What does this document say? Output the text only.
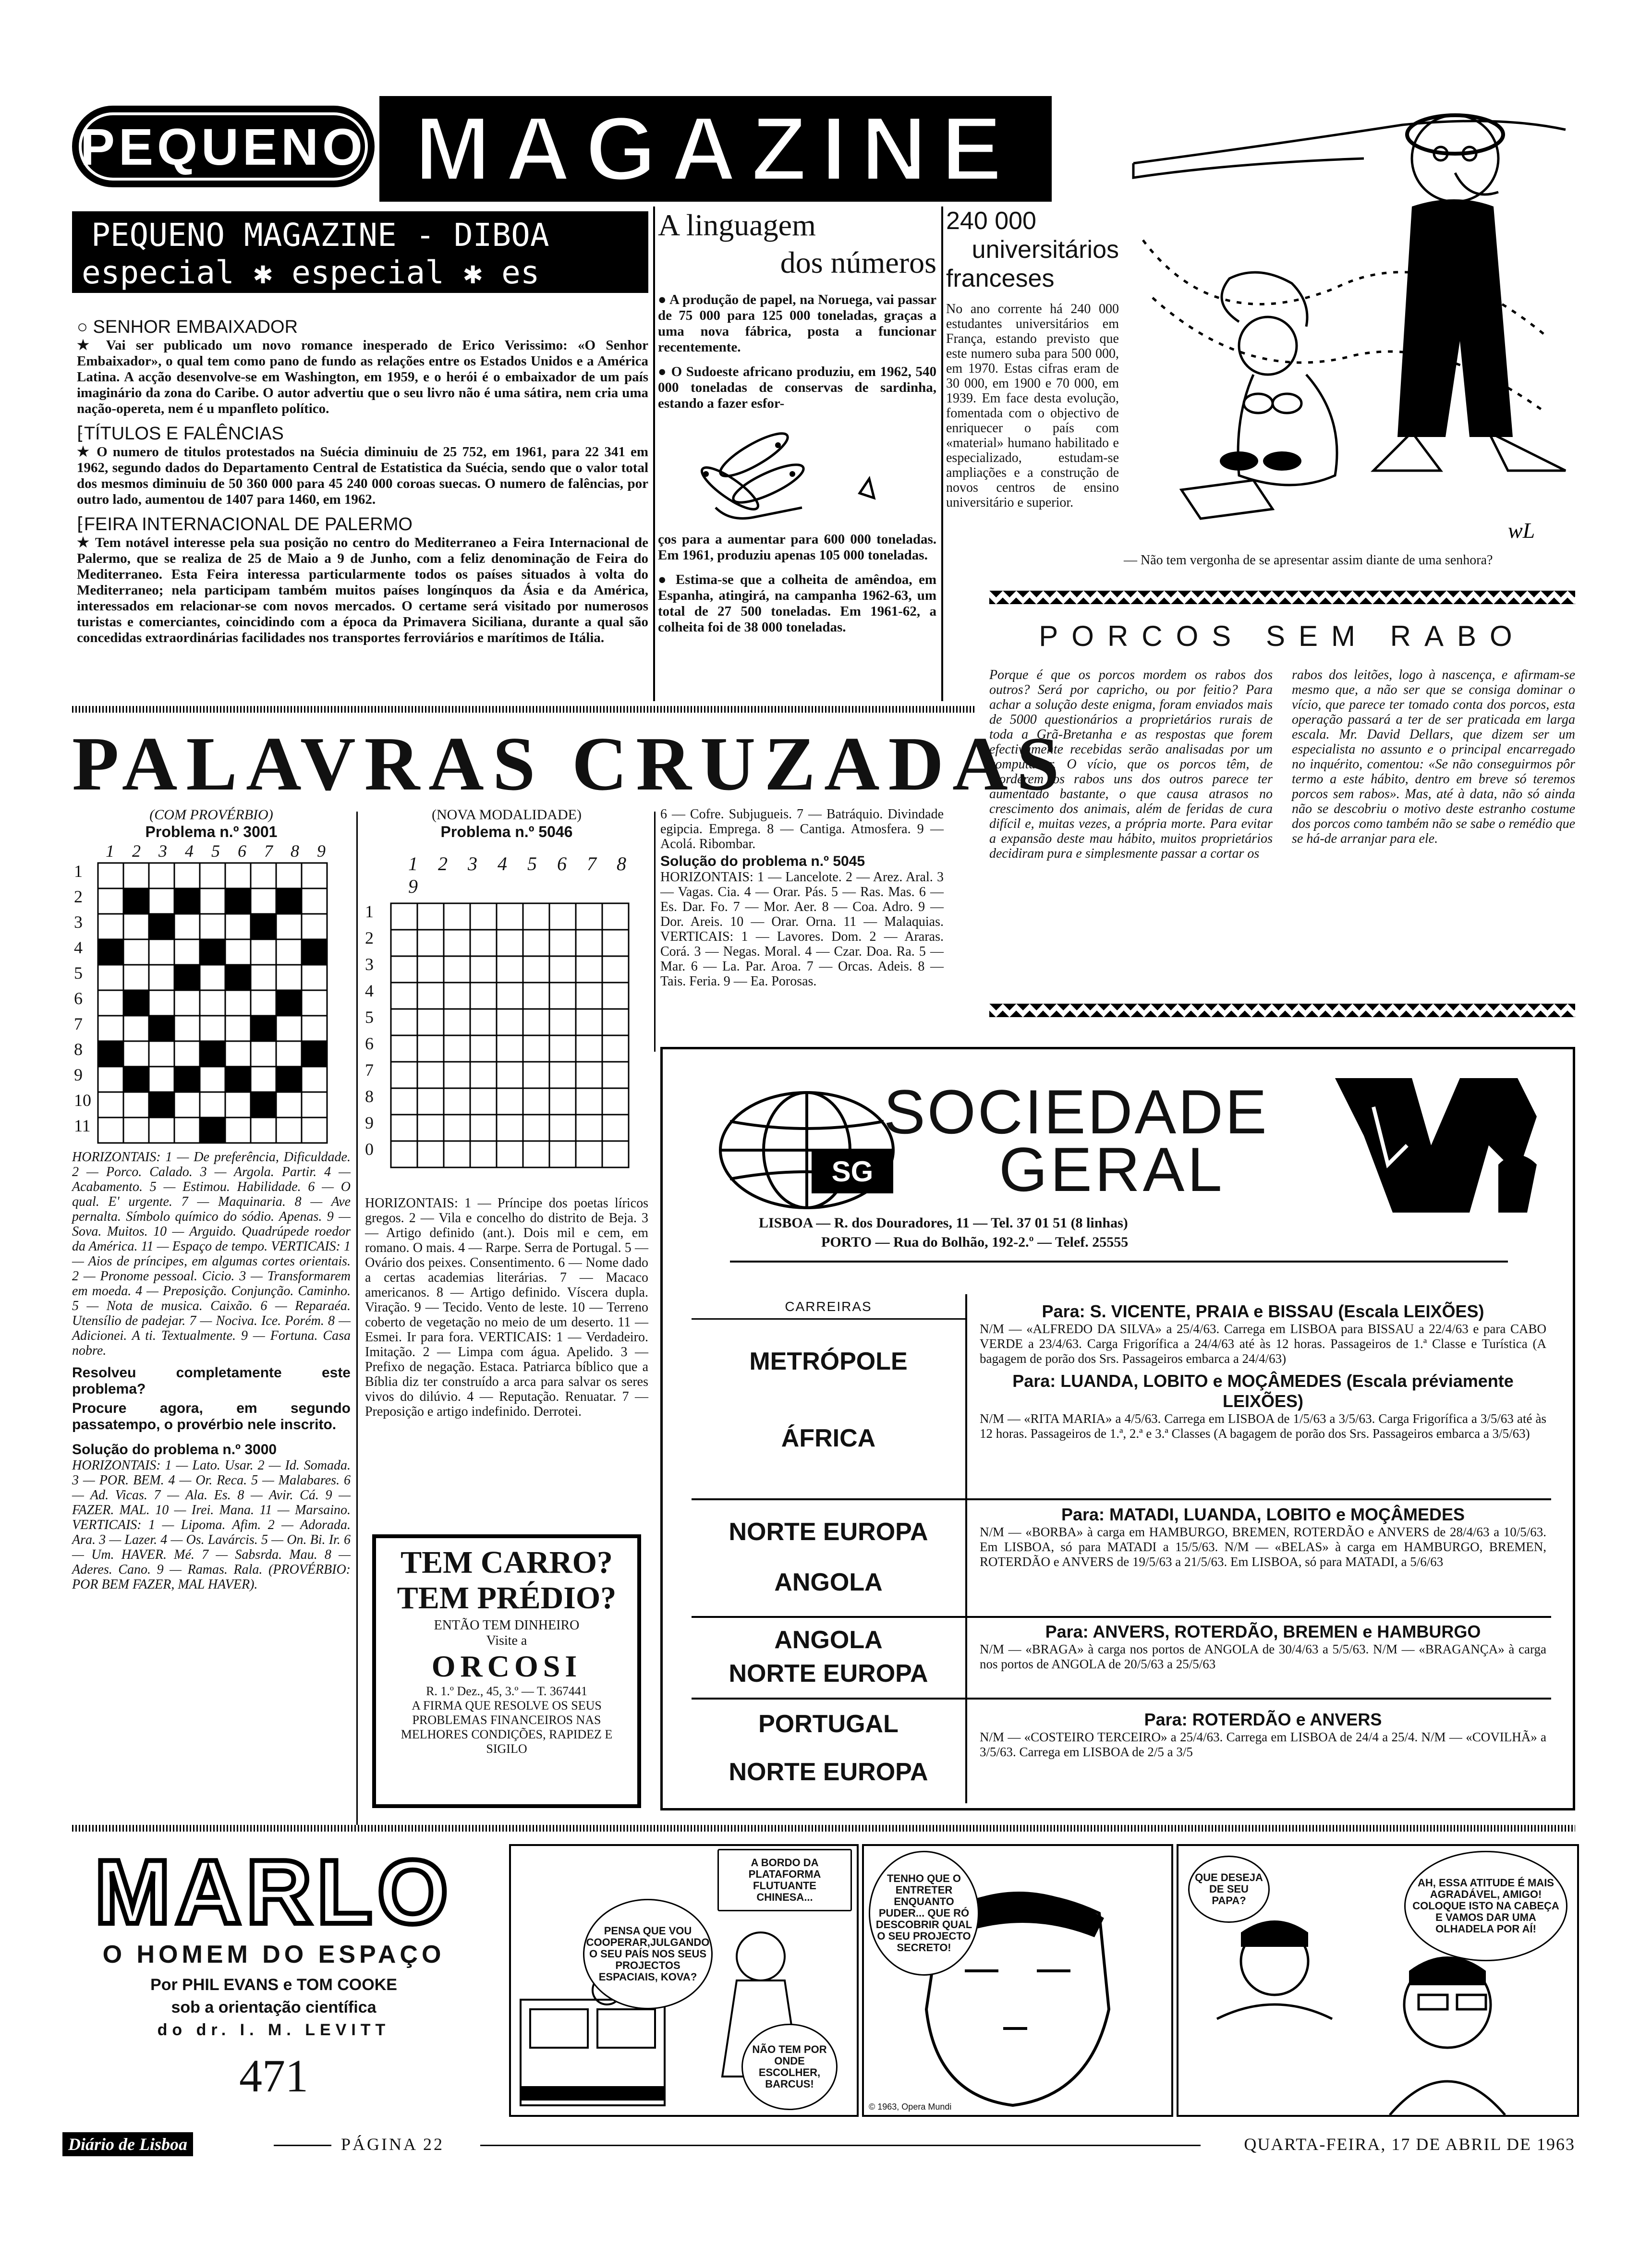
PEQUENO MAGAZINE
PEQUENO MAGAZINE - DIBOA
especial ✱ especial ✱ es
○ SENHOR EMBAIXADOR

★ Vai ser publicado um novo romance inesperado de Erico Verissimo: «O Senhor Embaixador», o qual tem como pano de fundo as relações entre os Estados Unidos e a América Latina. A acção desenvolve-se em Washington, em 1959, e o herói é o embaixador de um país imaginário da zona do Caribe. O autor advertiu que o seu livro não é uma sátira, nem cria uma nação-opereta, nem é u mpanfleto político.

⁅TÍTULOS E FALÊNCIAS

★ O numero de titulos protestados na Suécia diminuiu de 25 752, em 1961, para 22 341 em 1962, segundo dados do Departamento Central de Estatistica da Suécia, sendo que o valor total dos mesmos diminuiu de 50 360 000 para 45 240 000 coroas suecas. O numero de falências, por outro lado, aumentou de 1407 para 1460, em 1962.

⁅FEIRA INTERNACIONAL DE PALERMO

★ Tem notável interesse pela sua posição no centro do Mediterraneo a Feira Internacional de Palermo, que se realiza de 25 de Maio a 9 de Junho, com a feliz denominação de Feira do Mediterraneo. Esta Feira interessa particularmente todos os países situados à volta do Mediterraneo; nela participam também muitos países longínquos da Ásia e da América, interessados em relacionar-se com novos mercados. O certame será visitado por numerosos turistas e comerciantes, coincidindo com a época da Primavera Siciliana, durante a qual são concedidas extraordinárias facilidades nos transportes ferroviários e marítimos de Itália.

A linguagem
dos números

● A produção de papel, na Noruega, vai passar de 75 000 para 125 000 toneladas, graças a uma nova fábrica, posta a funcionar recentemente.

● O Sudoeste africano produziu, em 1962, 540 000 toneladas de conservas de sardinha, estando a fazer esfor-

ços para a aumentar para 600 000 toneladas. Em 1961, produziu apenas 105 000 toneladas.

● Estima-se que a colheita de amêndoa, em Espanha, atingirá, na campanha 1962-63, um total de 27 500 toneladas. Em 1961-62, a colheita foi de 38 000 toneladas.

240 000
universitários
franceses

No ano corrente há 240 000 estudantes universitários em França, estando previsto que este numero suba para 500 000, em 1970. Estas cifras eram de 30 000, em 1900 e 70 000, em 1939. Em face desta evolução, fomentada com o objectivo de enriquecer o país com «material» humano habilitado e especializado, estudam-se ampliações e a construção de novos centros de ensino universitário e superior.

wL
— Não tem vergonha de se apresentar assim diante de uma senhora?
PORCOS SEM RABO
Porque é que os porcos mordem os rabos dos outros? Será por capricho, ou por feitio? Para achar a solução deste enigma, foram enviados mais de 5000 questionários a proprietários rurais de toda a Grã-Bretanha e as respostas que forem efectivamente recebidas serão analisadas por um computador. O vício, que os porcos têm, de morderem os rabos uns dos outros parece ter aumentado bastante, o que causa atrasos no crescimento dos animais, além de feridas de cura difícil e, muitas vezes, a própria morte. Para evitar a expansão deste mau hábito, muitos proprietários decidiram pura e simplesmente passar a cortar os
rabos dos leitões, logo à nascença, e afirmam-se mesmo que, a não ser que se consiga dominar o vício, que parece ter tomado conta dos porcos, esta operação passará a ter de ser praticada em larga escala. Mr. David Dellars, que dizem ser um especialista no assunto e o principal encarregado no inquérito, comentou: «Se não conseguirmos pôr termo a este hábito, dentro em breve só teremos porcos sem rabos». Mas, até à data, não só ainda não se descobriu o motivo deste estranho costume dos porcos como também não se sabe o remédio que se há-de arranjar para ele.
PALAVRAS CRUZADAS
(COM PROVÉRBIO)
Problema n.º 3001
1 2 3 4 5 6 7 8 9
1
2
3
4
5
6
7
8
9
10
11

HORIZONTAIS: 1 — De preferência, Dificuldade. 2 — Porco. Calado. 3 — Argola. Partir. 4 — Acabamento. 5 — Estimou. Habilidade. 6 — O qual. E' urgente. 7 — Maquinaria. 8 — Ave pernalta. Símbolo químico do sódio. Apenas. 9 — Sova. Muitos. 10 — Arguido. Quadrúpede roedor da América. 11 — Espaço de tempo. VERTICAIS: 1 — Aios de príncipes, em algumas cortes orientais. 2 — Pronome pessoal. Cicio. 3 — Transformarem em moeda. 4 — Preposição. Conjunção. Caminho. 5 — Nota de musica. Caixão. 6 — Reparaéa. Utensílio de padejar. 7 — Nociva. Ice. Porém. 8 — Adicionei. A ti. Textualmente. 9 — Fortuna. Casa nobre.

Resolveu completamente este problema?

Procure agora, em segundo passatempo, o provérbio nele inscrito.

Solução do problema n.º 3000

HORIZONTAIS: 1 — Lato. Usar. 2 — Id. Somada. 3 — POR. BEM. 4 — Or. Reca. 5 — Malabares. 6 — Ad. Vicas. 7 — Ala. Es. 8 — Avir. Cá. 9 — FAZER. MAL. 10 — Irei. Mana. 11 — Marsaino. VERTICAIS: 1 — Lipoma. Afim. 2 — Adorada. Ara. 3 — Lazer. 4 — Os. Lavárcis. 5 — On. Bi. Ir. 6 — Um. HAVER. Mé. 7 — Sabsrda. Mau. 8 — Aderes. Cano. 9 — Ramas. Rala. (PROVÉRBIO: POR BEM FAZER, MAL HAVER).

(NOVA MODALIDADE)
Problema n.º 5046
1 2 3 4 5 6 7 8 9
1
2
3
4
5
6
7
8
9
0

HORIZONTAIS: 1 — Príncipe dos poetas líricos gregos. 2 — Vila e concelho do distrito de Beja. 3 — Artigo definido (ant.). Dois mil e cem, em romano. O mais. 4 — Rarpe. Serra de Portugal. 5 — Ovário dos peixes. Consentimento. 6 — Nome dado a certas academias literárias. 7 — Macaco americanos. 8 — Artigo definido. Víscera dupla. Viração. 9 — Tecido. Vento de leste. 10 — Terreno coberto de vegetação no meio de um deserto. 11 — Esmei. Ir para fora. VERTICAIS: 1 — Verdadeiro. Imitação. 2 — Limpa com água. Apelido. 3 — Prefixo de negação. Estaca. Patriarca bíblico que a Bíblia diz ter construído a arca para salvar os seres vivos do dilúvio. 4 — Reputação. Renuatar. 7 — Preposição e artigo indefinido. Derrotei.

6 — Cofre. Subjugueis. 7 — Batráquio. Divindade egipcia. Emprega. 8 — Cantiga. Atmosfera. 9 — Acolá. Ribombar.

Solução do problema n.º 5045

HORIZONTAIS: 1 — Lancelote. 2 — Arez. Aral. 3 — Vagas. Cia. 4 — Orar. Pás. 5 — Ras. Mas. 6 — Es. Dar. Fo. 7 — Mor. Aer. 8 — Coa. Adro. 9 — Dor. Areis. 10 — Orar. Orna. 11 — Malaquias. VERTICAIS: 1 — Lavores. Dom. 2 — Araras. Corá. 3 — Negas. Moral. 4 — Czar. Doa. Ra. 5 — Mar. 6 — La. Par. Aroa. 7 — Orcas. Adeis. 8 — Tais. Feria. 9 — Ea. Porosas.

TEM CARRO?
TEM PRÉDIO?
ENTÃO TEM DINHEIRO
Visite a
ORCOSI
R. 1.º Dez., 45, 3.º — T. 367441
A FIRMA QUE RESOLVE OS SEUS PROBLEMAS FINANCEIROS NAS MELHORES CONDIÇÕES, RAPIDEZ E SIGILO
SG
SOCIEDADE
GERAL
LISBOA — R. dos Douradores, 11 — Tel. 37 01 51 (8 linhas)
PORTO — Rua do Bolhão, 192-2.º — Telef. 25555
CARREIRAS
METRÓPOLE
ÁFRICA
Para: S. VICENTE, PRAIA e BISSAU (Escala LEIXÕES)

N/M — «ALFREDO DA SILVA» a 25/4/63. Carrega em LISBOA para BISSAU a 22/4/63 e para CABO VERDE a 23/4/63. Carga Frigorífica a 24/4/63 até às 12 horas. Passageiros de 1.ª Classe e Turística (A bagagem de porão dos Srs. Passageiros embarca a 24/4/63)

Para: LUANDA, LOBITO e MOÇÂMEDES (Escala préviamente LEIXÕES)

N/M — «RITA MARIA» a 4/5/63. Carrega em LISBOA de 1/5/63 a 3/5/63. Carga Frigorífica a 3/5/63 até às 12 horas. Passageiros de 1.ª, 2.ª e 3.ª Classes (A bagagem de porão dos Srs. Passageiros embarca a 3/5/63)

NORTE EUROPA
ANGOLA
Para: MATADI, LUANDA, LOBITO e MOÇÂMEDES

N/M — «BORBA» à carga em HAMBURGO, BREMEN, ROTERDÃO e ANVERS de 28/4/63 a 10/5/63. Em LISBOA, só para MATADI a 15/5/63. N/M — «BELAS» à carga em HAMBURGO, BREMEN, ROTERDÃO e ANVERS de 19/5/63 a 21/5/63. Em LISBOA, só para MATADI, a 5/6/63

ANGOLA
NORTE EUROPA
Para: ANVERS, ROTERDÃO, BREMEN e HAMBURGO

N/M — «BRAGA» à carga nos portos de ANGOLA de 30/4/63 a 5/5/63. N/M — «BRAGANÇA» à carga nos portos de ANGOLA de 20/5/63 a 25/5/63

PORTUGAL
NORTE EUROPA
Para: ROTERDÃO e ANVERS

N/M — «COSTEIRO TERCEIRO» a 25/4/63. Carrega em LISBOA de 24/4 a 25/4. N/M — «COVILHÃ» a 3/5/63. Carrega em LISBOA de 2/5 a 3/5

MARLO
O HOMEM DO ESPAÇO
Por PHIL EVANS e TOM COOKE
sob a orientação científica
do dr. I. M. LEVITT
471
PENSA QUE VOU COOPERAR,JULGANDO O SEU PAÍS NOS SEUS PROJECTOS ESPACIAIS, KOVA?
A BORDO DA PLATAFORMA FLUTUANTE CHINESA...
NÃO TEM POR ONDE ESCOLHER, BARCUS!
TENHO QUE O ENTRETER ENQUANTO PUDER... QUE RÓ DESCOBRIR QUAL O SEU PROJECTO SECRETO!
© 1963, Opera Mundi
QUE DESEJA DE SEU PAPA?
AH, ESSA ATITUDE É MAIS AGRADÁVEL, AMIGO! COLOQUE ISTO NA CABEÇA E VAMOS DAR UMA OLHADELA POR AÍ!
Diário de Lisboa	PÁGINA 22	QUARTA-FEIRA, 17 DE ABRIL DE 1963
